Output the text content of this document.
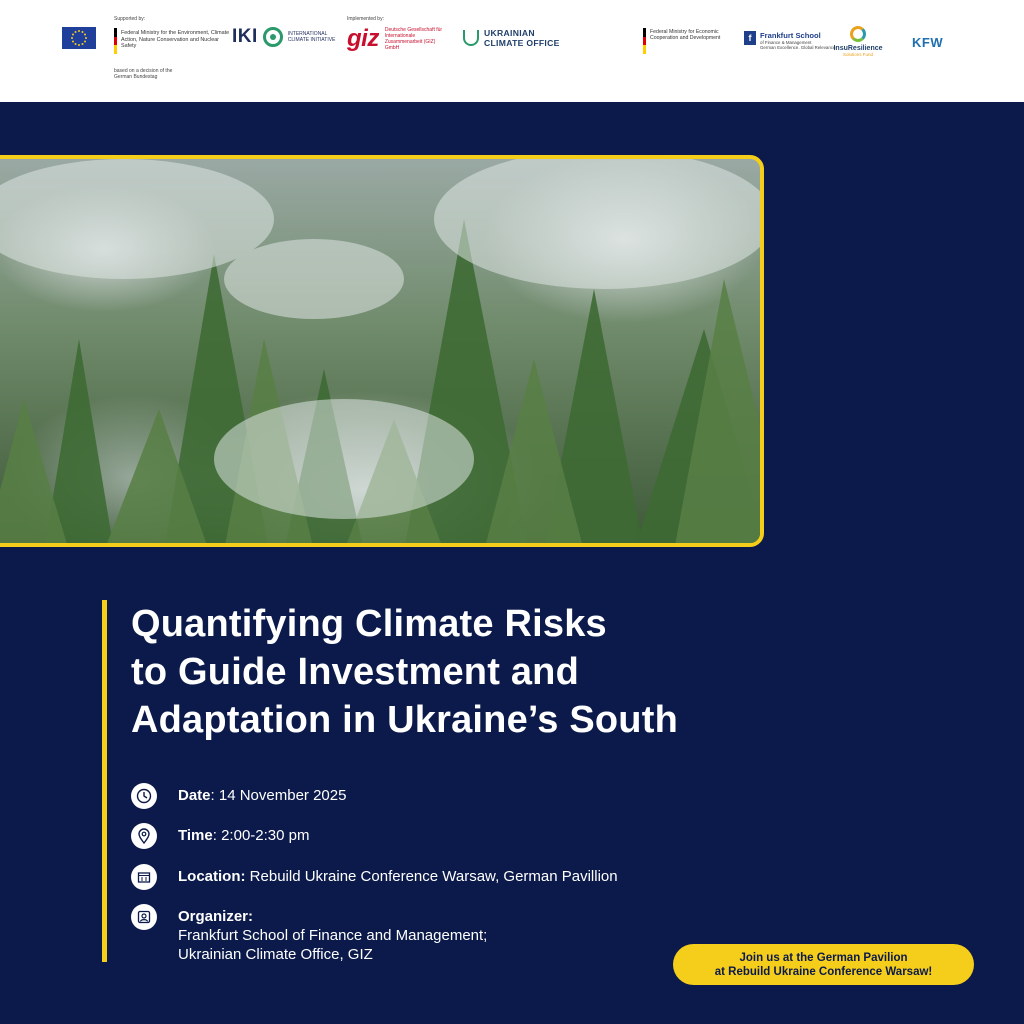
Supported by:
Federal Ministry for the Environment, Climate Action, Nature Conservation and Nuclear Safety
based on a decision of the German Bundestag
IKI	INTERNATIONAL CLIMATE INITIATIVE
Implemented by:
giz Deutsche Gesellschaft für Internationale Zusammenarbeit (GIZ) GmbH
UKRAINIAN
CLIMATE OFFICE
Federal Ministry for Economic Cooperation and Development	f	Frankfurt School
of Finance & Management
German Excellence. Global Relevance.
InsuResilience
Solutions Fund
KFW
Quantifying Climate Risks
to Guide Investment and
Adaptation in Ukraine’s South
Date: 14 November 2025
Time: 2:00-2:30 pm
Location: Rebuild Ukraine Conference Warsaw, German Pavillion
Organizer:
Frankfurt School of Finance and Management;
Ukrainian Climate Office, GIZ	Join us at the German Pavilion
at Rebuild Ukraine Conference Warsaw!
